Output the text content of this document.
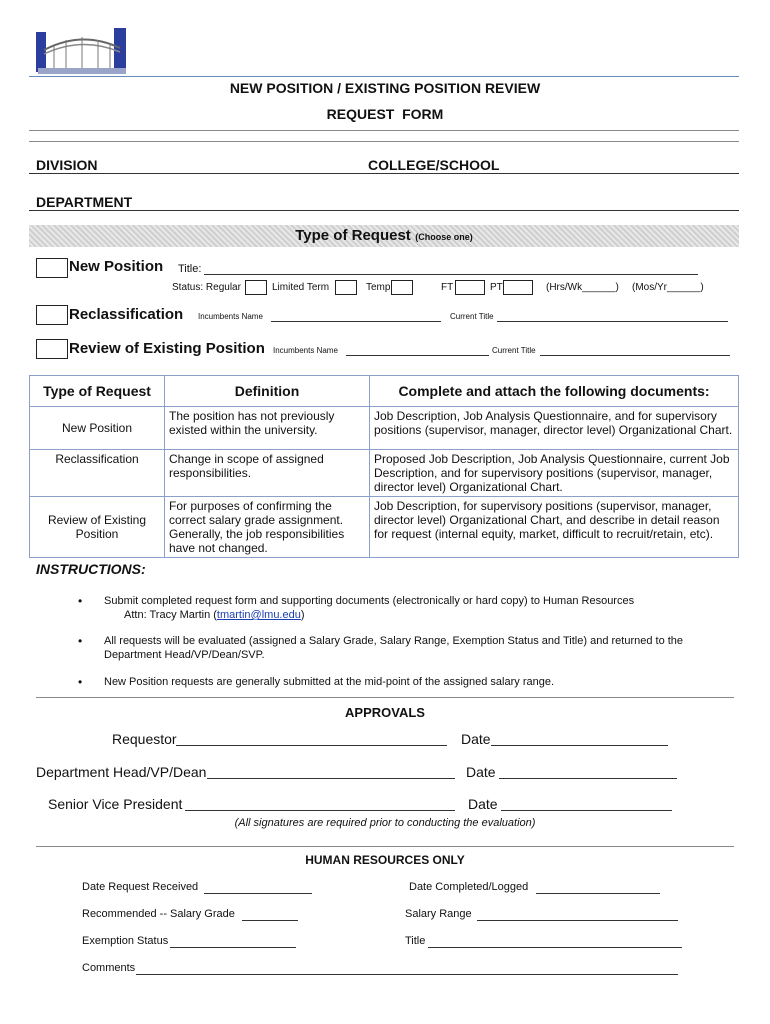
NEW POSITION / EXISTING POSITION REVIEW
REQUEST  FORM
DIVISION	COLLEGE/SCHOOL
DEPARTMENT
Type of Request (Choose one)
New Position Title:
Status: Regular	Limited Term	Temp	FT	PT	(Hrs/Wk______) (Mos/Yr______)
Reclassification Incumbents Name	Current Title
Review of Existing Position Incumbents Name	Current Title
Type of Request	Definition	Complete and attach the following documents:
New Position	The position has not previously existed within the university.	Job Description, Job Analysis Questionnaire, and for supervisory positions (supervisor, manager, director level) Organizational Chart.
Reclassification	Change in scope of assigned responsibilities.	Proposed Job Description, Job Analysis Questionnaire, current Job Description, and for supervisory positions (supervisor, manager, director level) Organizational Chart.
Review of Existing Position	For purposes of confirming the correct salary grade assignment. Generally, the job responsibilities have not changed.	Job Description, for supervisory positions (supervisor, manager, director level) Organizational Chart, and describe in detail reason for request (internal equity, market, difficult to recruit/retain, etc).
INSTRUCTIONS:
• Submit completed request form and supporting documents (electronically or hard copy) to Human Resources
Attn: Tracy Martin (tmartin@lmu.edu)
• All requests will be evaluated (assigned a Salary Grade, Salary Range, Exemption Status and Title) and returned to the Department Head/VP/Dean/SVP.
• New Position requests are generally submitted at the mid-point of the assigned salary range.
APPROVALS
Requestor	Date
Department Head/VP/Dean	Date
Senior Vice President	Date
(All signatures are required prior to conducting the evaluation)
HUMAN RESOURCES ONLY
Date Request Received	Date Completed/Logged
Recommended -- Salary Grade	Salary Range
Exemption Status	Title
Comments
